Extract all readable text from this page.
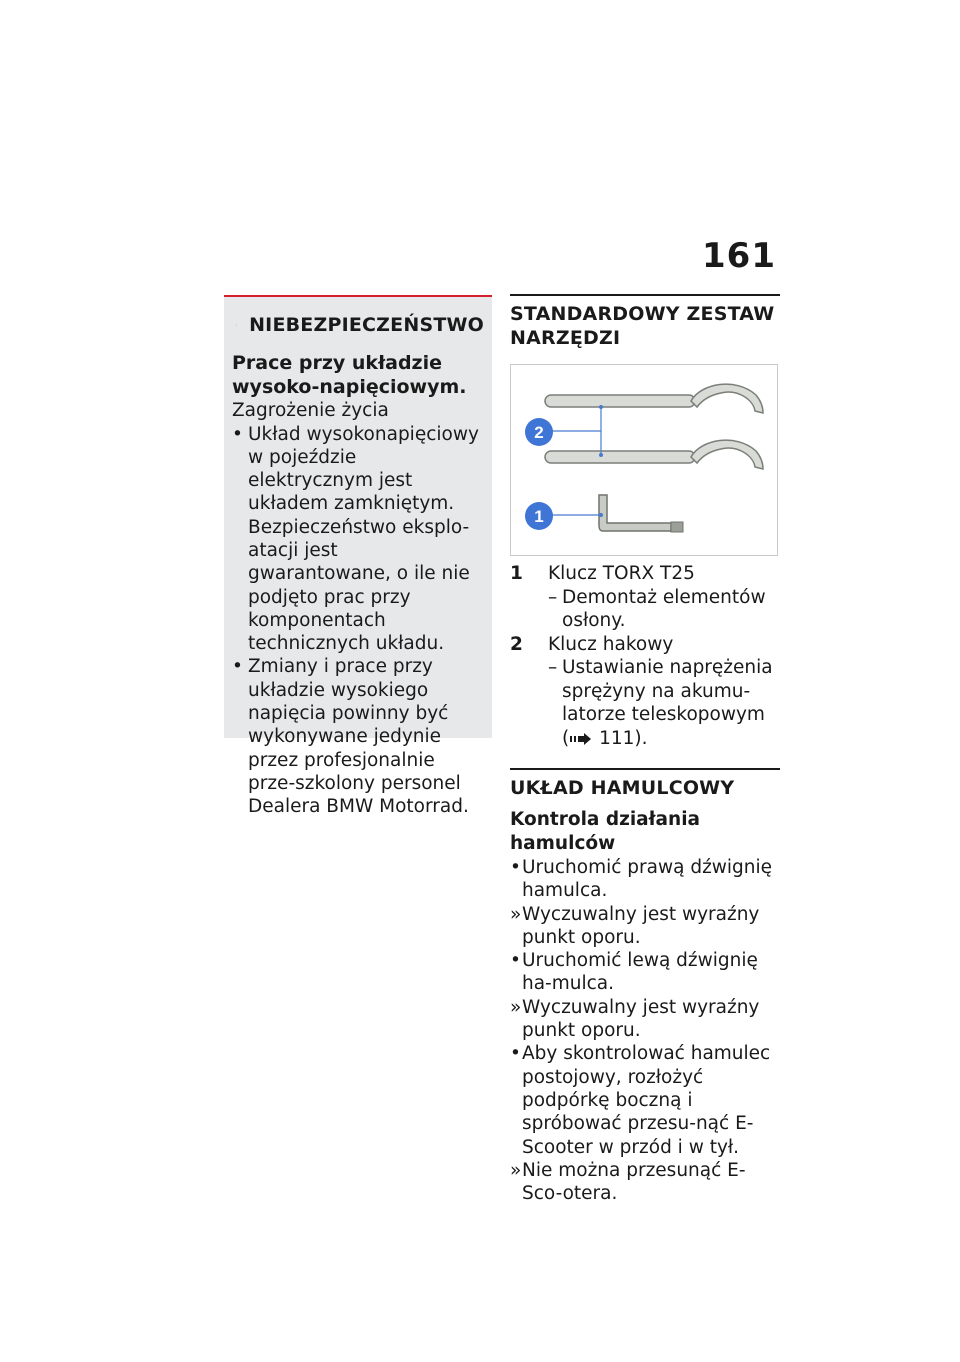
161
NIEBEZPIECZEŃSTWO
Prace przy układzie wysoko-napięciowym.
Zagrożenie życia
• Układ wysokonapięciowy w pojeździe elektrycznym jest układem zamkniętym. Bezpieczeństwo eksplo-atacji jest gwarantowane, o ile nie podjęto prac przy komponentach technicznych układu.
• Zmiany i prace przy układzie wysokiego napięcia powinny być wykonywane jedynie przez profesjonalnie prze-szkolony personel Dealera BMW Motorrad.
STANDARDOWY ZESTAW NARZĘDZI
2
1
1	Klucz TORX T25
– Demontaż elementów osłony.
2	Klucz hakowy
– Ustawianie naprężenia sprężyny na akumu-latorze teleskopowym
( 111).
UKŁAD HAMULCOWY
Kontrola działania hamulców
• Uruchomić prawą dźwignię hamulca.
» Wyczuwalny jest wyraźny punkt oporu.
• Uruchomić lewą dźwignię ha-mulca.
» Wyczuwalny jest wyraźny punkt oporu.
• Aby skontrolować hamulec postojowy, rozłożyć podpórkę boczną i spróbować przesu-nąć E-Scooter w przód i w tył.
» Nie można przesunąć E-Sco-otera.
